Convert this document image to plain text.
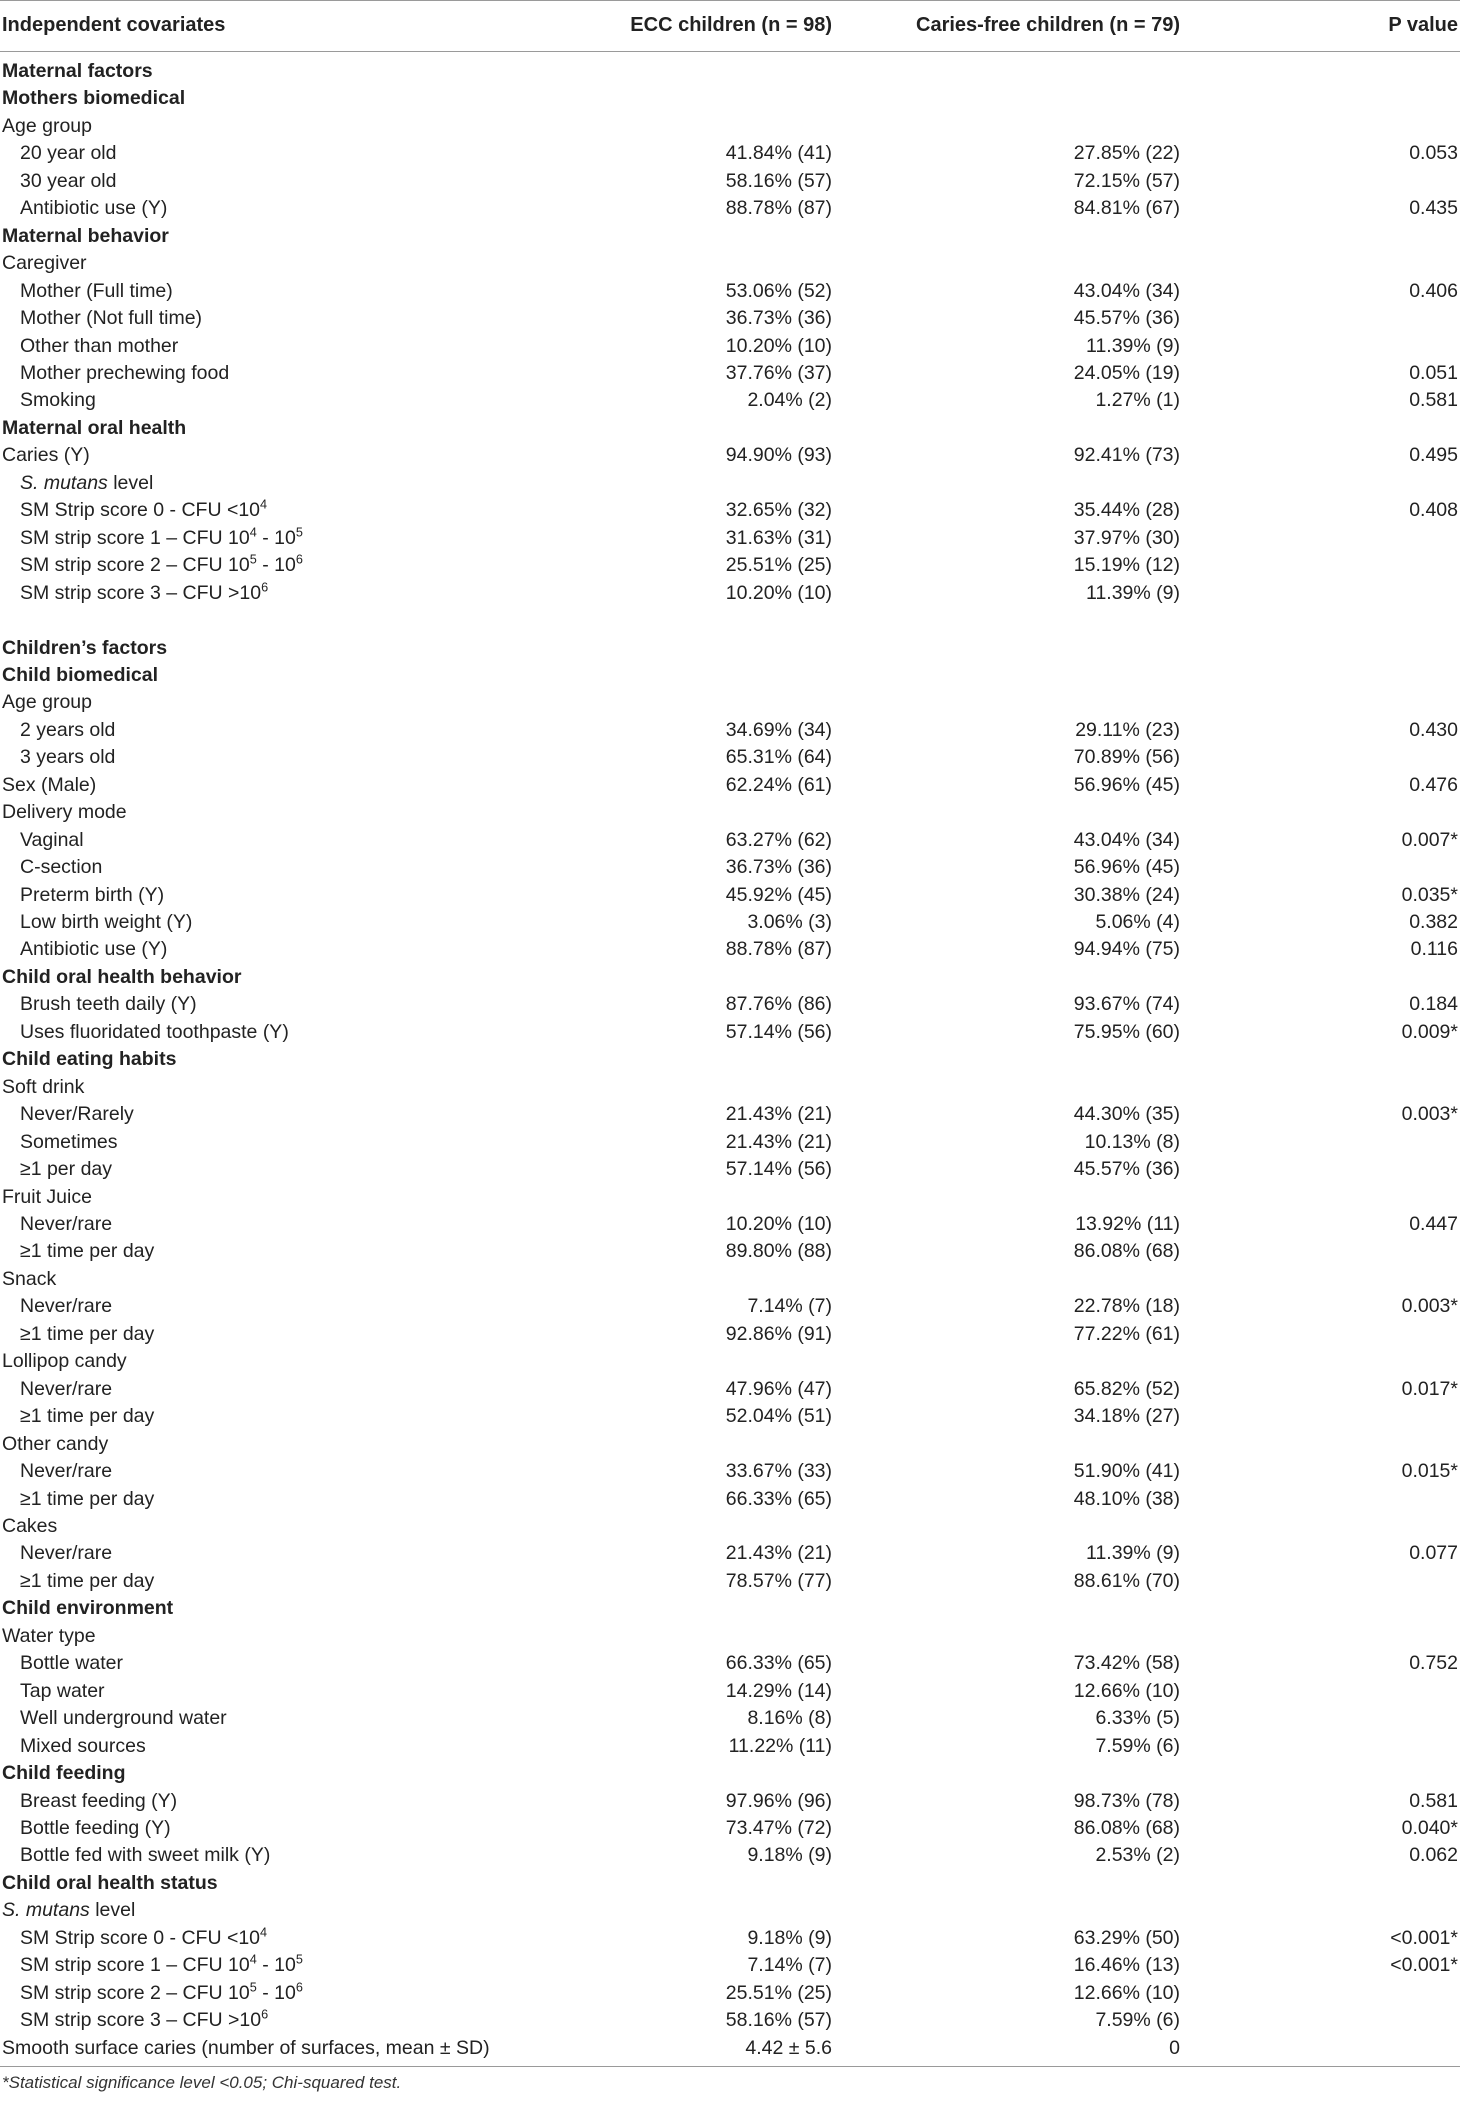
Independent covariates	ECC children (n = 98)	Caries-free children (n = 79)	P value
Maternal factors			
Mothers biomedical			
Age group			
20 year old	41.84% (41)	27.85% (22)	0.053
30 year old	58.16% (57)	72.15% (57)	
Antibiotic use (Y)	88.78% (87)	84.81% (67)	0.435
Maternal behavior			
Caregiver			
Mother (Full time)	53.06% (52)	43.04% (34)	0.406
Mother (Not full time)	36.73% (36)	45.57% (36)	
Other than mother	10.20% (10)	11.39% (9)	
Mother prechewing food	37.76% (37)	24.05% (19)	0.051
Smoking	2.04% (2)	1.27% (1)	0.581
Maternal oral health			
Caries (Y)	94.90% (93)	92.41% (73)	0.495
S. mutans level			
SM Strip score 0 - CFU $<10^4$	32.65% (32)	35.44% (28)	0.408
SM strip score 1 – CFU $10^4 - 10^5$	31.63% (31)	37.97% (30)	
SM strip score 2 – CFU $10^5 - 10^6$	25.51% (25)	15.19% (12)	
SM strip score 3 – CFU $>10^6$	10.20% (10)	11.39% (9)	

Children’s factors			
Child biomedical			
Age group			
2 years old	34.69% (34)	29.11% (23)	0.430
3 years old	65.31% (64)	70.89% (56)	
Sex (Male)	62.24% (61)	56.96% (45)	0.476
Delivery mode			
Vaginal	63.27% (62)	43.04% (34)	0.007*
C-section	36.73% (36)	56.96% (45)	
Preterm birth (Y)	45.92% (45)	30.38% (24)	0.035*
Low birth weight (Y)	3.06% (3)	5.06% (4)	0.382
Antibiotic use (Y)	88.78% (87)	94.94% (75)	0.116
Child oral health behavior			
Brush teeth daily (Y)	87.76% (86)	93.67% (74)	0.184
Uses fluoridated toothpaste (Y)	57.14% (56)	75.95% (60)	0.009*
Child eating habits			
Soft drink			
Never/Rarely	21.43% (21)	44.30% (35)	0.003*
Sometimes	21.43% (21)	10.13% (8)	
≥1 per day	57.14% (56)	45.57% (36)	
Fruit Juice			
Never/rare	10.20% (10)	13.92% (11)	0.447
≥1 time per day	89.80% (88)	86.08% (68)	
Snack			
Never/rare	7.14% (7)	22.78% (18)	0.003*
≥1 time per day	92.86% (91)	77.22% (61)	
Lollipop candy			
Never/rare	47.96% (47)	65.82% (52)	0.017*
≥1 time per day	52.04% (51)	34.18% (27)	
Other candy			
Never/rare	33.67% (33)	51.90% (41)	0.015*
≥1 time per day	66.33% (65)	48.10% (38)	
Cakes			
Never/rare	21.43% (21)	11.39% (9)	0.077
≥1 time per day	78.57% (77)	88.61% (70)	
Child environment			
Water type			
Bottle water	66.33% (65)	73.42% (58)	0.752
Tap water	14.29% (14)	12.66% (10)	
Well underground water	8.16% (8)	6.33% (5)	
Mixed sources	11.22% (11)	7.59% (6)	
Child feeding			
Breast feeding (Y)	97.96% (96)	98.73% (78)	0.581
Bottle feeding (Y)	73.47% (72)	86.08% (68)	0.040*
Bottle fed with sweet milk (Y)	9.18% (9)	2.53% (2)	0.062
Child oral health status			
S. mutans level			
SM Strip score 0 - CFU $<10^4$	9.18% (9)	63.29% (50)	<0.001*
SM strip score 1 – CFU $10^4 - 10^5$	7.14% (7)	16.46% (13)	<0.001*
SM strip score 2 – CFU $10^5 - 10^6$	25.51% (25)	12.66% (10)	
SM strip score 3 – CFU $>10^6$	58.16% (57)	7.59% (6)	
Smooth surface caries (number of surfaces, mean ± SD)	4.42 ± 5.6	0	
*Statistical significance level <0.05; Chi-squared test.
